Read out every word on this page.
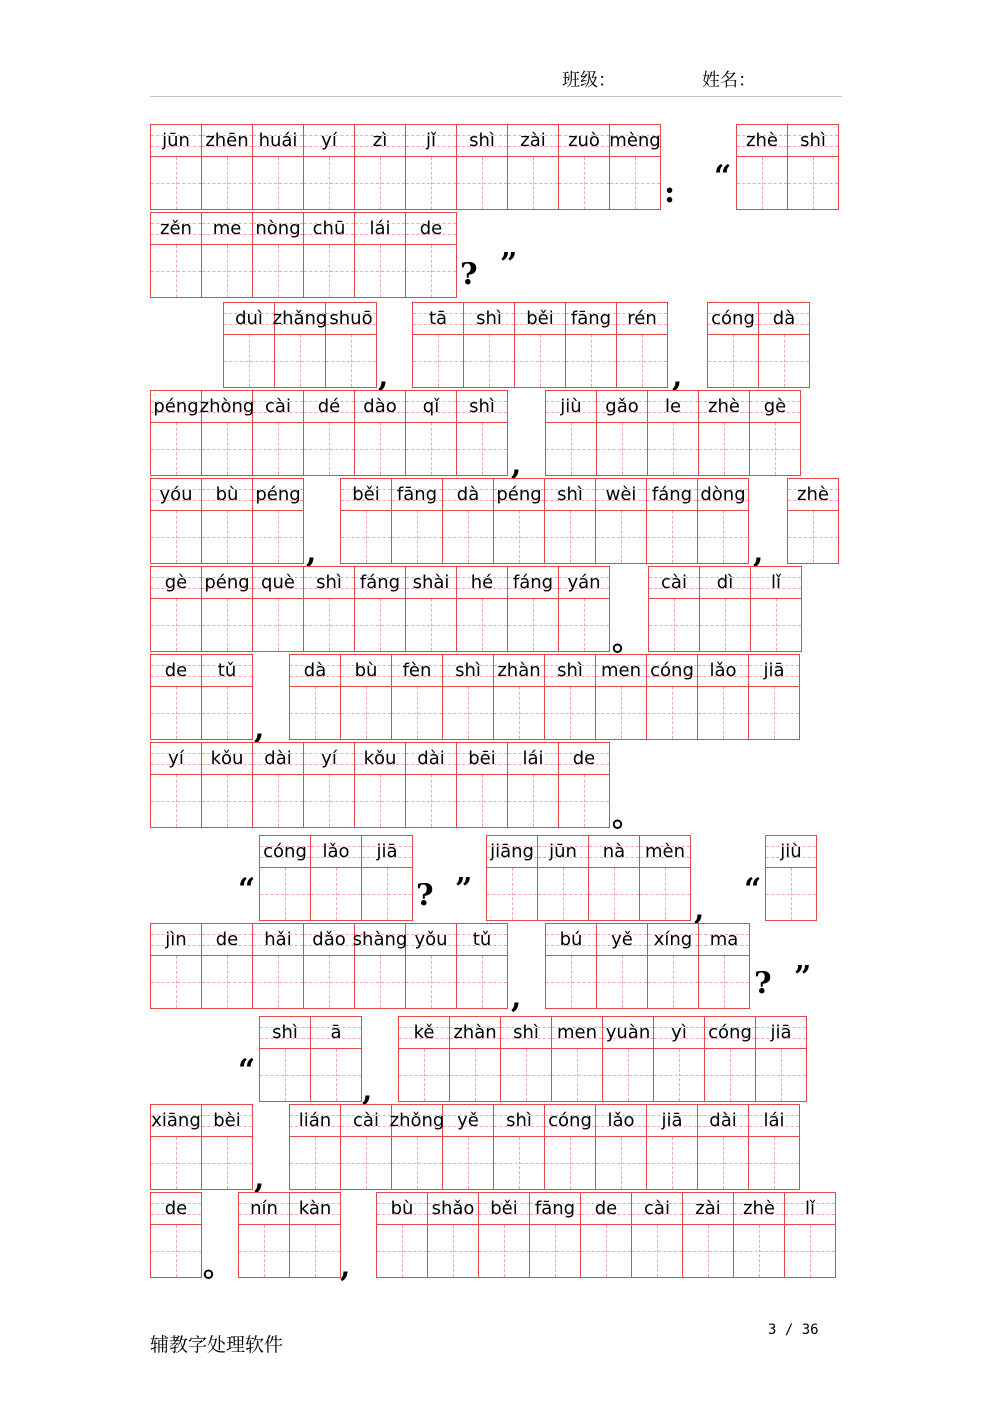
班级：	姓名：
jūn zhēn huái yí zì jǐ shì zài zuò mèng	zhè shì
: “
zěn me nòng chū lái de
? ”
duì zhǎng shuō	tā shì běi fāng rén	cóng dà
,	,
péng zhòng cài dé dào qǐ shì	jiù gǎo le zhè gè
,
yóu bù péng	běi fāng dà péng shì wèi fáng dòng	zhè
,	,
gè péng què shì fáng shài hé fáng yán	cài dì lǐ
。
de tǔ	dà bù fèn shì zhàn shì men cóng lǎo jiā
,
yí kǒu dài yí kǒu dài bēi lái de
。
cóng lǎo jiā	jiāng jūn nà mèn	jiù
“	? ”
,
“
jìn de hǎi dǎo shàng yǒu tǔ	bú yě xíng ma
,	? ”
shì ā	kě zhàn shì men yuàn yì cóng jiā
“
,
xiāng bèi	lián cài zhǒng yě shì cóng lǎo jiā dài lái
,
de	nín kàn	bù shǎo běi fāng de cài zài zhè lǐ
。	,
辅教字处理软件
3 / 36
